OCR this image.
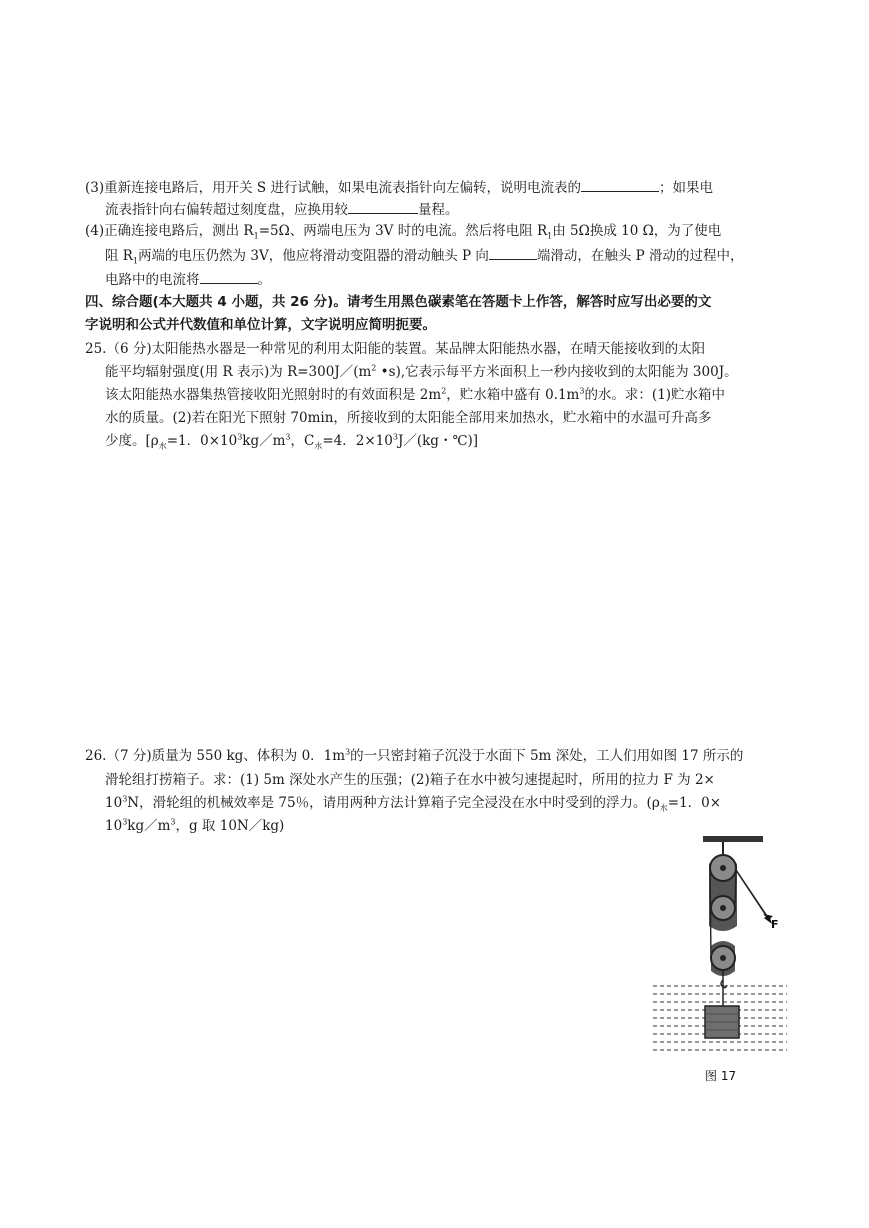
(3)重新连接电路后，用开关 S 进行试触，如果电流表指针向左偏转，说明电流表的	；如果电
流表指针向右偏转超过刻度盘，应换用较	量程。
(4)正确连接电路后，测出 $R_1=5\Omega$、两端电压为 3V 时的电流。然后将电阻 $R_1$由 5Ω换成 10 Ω，为了使电
阻 $R_1$两端的电压仍然为 3V，他应将滑动变阻器的滑动触头 P 向	端滑动，在触头 P 滑动的过程中，
电路中的电流将	。
四、综合题(本大题共 4 小题，共 26 分)。请考生用黑色碳素笔在答题卡上作答，解答时应写出必要的文
字说明和公式并代数值和单位计算，文字说明应简明扼要。
25.（6 分)太阳能热水器是一种常见的利用太阳能的装置。某品牌太阳能热水器，在晴天能接收到的太阳
能平均辐射强度(用 R 表示)为 $R=300J/(m^2$ •s),它表示每平方米面积上一秒内接收到的太阳能为 300J。
该太阳能热水器集热管接收阳光照射时的有效面积是 $2m^2$，贮水箱中盛有 $0.1m^3$的水。求：(1)贮水箱中
水的质量。(2)若在阳光下照射 70min，所接收到的太阳能全部用来加热水，贮水箱中的水温可升高多
少度。[$\rho_水=1$．$0\times 10^3kg/m^3$，$C_水=4$．$2\times 10^3J/(kg$・℃)]
26.（7 分)质量为 550 kg、体积为 0．$1m^3$的一只密封箱子沉没于水面下 5m 深处，工人们用如图 17 所示的
滑轮组打捞箱子。求：(1) 5m 深处水产生的压强；(2)箱子在水中被匀速提起时，所用的拉力 F 为 2×
$10^3N$，滑轮组的机械效率是 75％，请用两种方法计算箱子完全浸没在水中时受到的浮力。($\rho_水=1$．0×
$10^3kg/m^3$，g 取 10N／kg)
F
图 17
